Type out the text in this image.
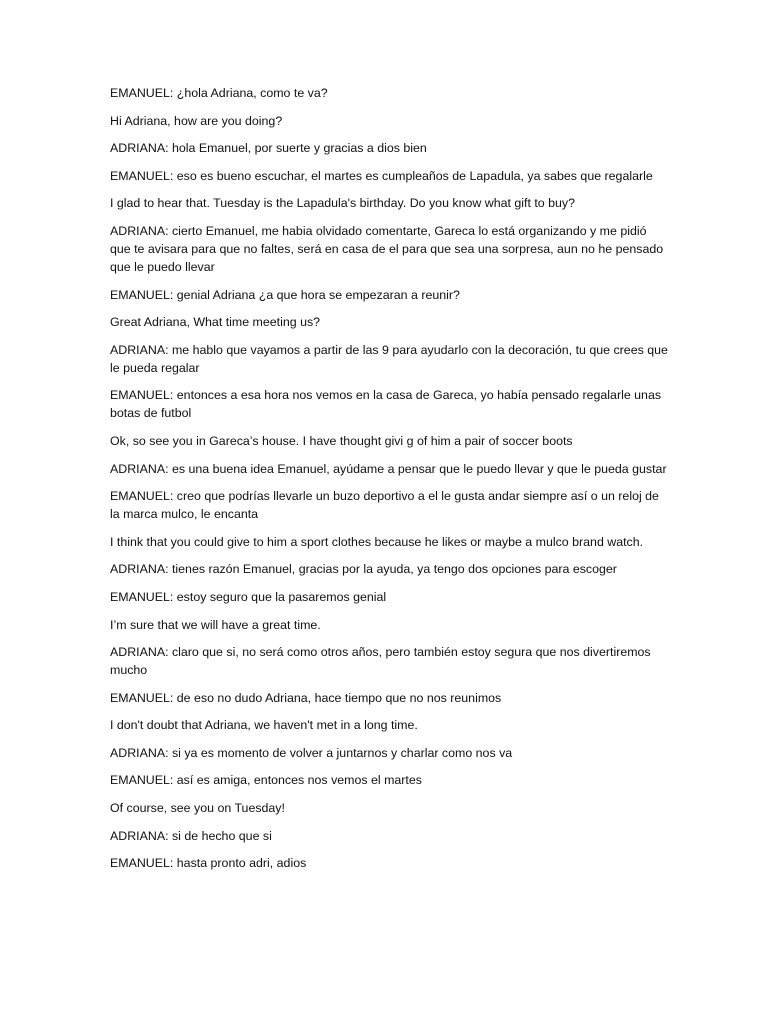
EMANUEL: ¿hola Adriana, como te va?

Hi Adriana, how are you doing?

ADRIANA: hola Emanuel, por suerte y gracias a dios bien

EMANUEL: eso es bueno escuchar, el martes es cumpleaños de Lapadula, ya sabes que regalarle

I glad to hear that. Tuesday is the Lapadula's birthday. Do you know what gift to buy?

ADRIANA: cierto Emanuel, me habia olvidado comentarte, Gareca lo está organizando y me pidió que te avisara para que no faltes, será en casa de el para que sea una sorpresa, aun no he pensado que le puedo llevar

EMANUEL: genial Adriana ¿a que hora se empezaran a reunir?

Great Adriana, What time meeting us?

ADRIANA: me hablo que vayamos a partir de las 9 para ayudarlo con la decoración, tu que crees que le pueda regalar

EMANUEL: entonces a esa hora nos vemos en la casa de Gareca, yo había pensado regalarle unas botas de futbol

Ok, so see you in Gareca’s house. I have thought givi g of him a pair of soccer boots

ADRIANA: es una buena idea Emanuel, ayúdame a pensar que le puedo llevar y que le pueda gustar

EMANUEL: creo que podrías llevarle un buzo deportivo a el le gusta andar siempre así o un reloj de la marca mulco, le encanta

I think that you could give to him a sport clothes because he likes or maybe a mulco brand watch.

ADRIANA: tienes razón Emanuel, gracias por la ayuda, ya tengo dos opciones para escoger

EMANUEL: estoy seguro que la pasaremos genial

I’m sure that we will have a great time.

ADRIANA: claro que si, no será como otros años, pero también estoy segura que nos divertiremos mucho

EMANUEL: de eso no dudo Adriana, hace tiempo que no nos reunimos

I don't doubt that Adriana, we haven't met in a long time.

ADRIANA: si ya es momento de volver a juntarnos y charlar como nos va

EMANUEL: así es amiga, entonces nos vemos el martes

Of course, see you on Tuesday!

ADRIANA: si de hecho que si

EMANUEL: hasta pronto adri, adios
